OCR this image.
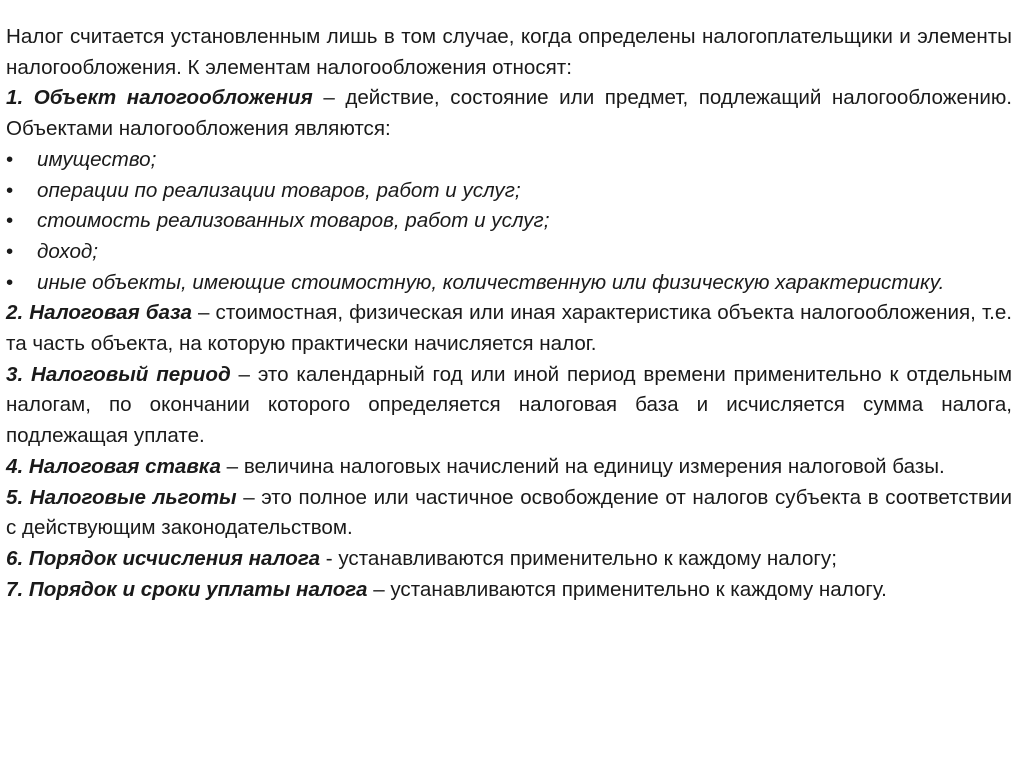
Налог считается установленным лишь в том случае, когда определены налогоплательщики и элементы налогообложения. К элементам налогообложения относят:

1. Объект налогообложения – действие, состояние или предмет, подлежащий налогообложению. Объектами налогообложения являются:

• имущество;
• операции по реализации товаров, работ и услуг;
• стоимость реализованных товаров, работ и услуг;
• доход;
• иные объекты, имеющие стоимостную, количественную или физическую характеристику.

2. Налоговая база – стоимостная, физическая или иная характеристика объекта налогообложения, т.е. та часть объекта, на которую практически начисляется налог.

3. Налоговый период – это календарный год или иной период времени применительно к отдельным налогам, по окончании которого определяется налоговая база и исчисляется сумма налога, подлежащая уплате.

4. Налоговая ставка – величина налоговых начислений на единицу измерения налоговой базы.

5. Налоговые льготы – это полное или частичное освобождение от налогов субъекта в соответствии с действующим законодательством.

6. Порядок исчисления налога - устанавливаются применительно к каждому налогу;

7. Порядок и сроки уплаты налога – устанавливаются применительно к каждому налогу.
